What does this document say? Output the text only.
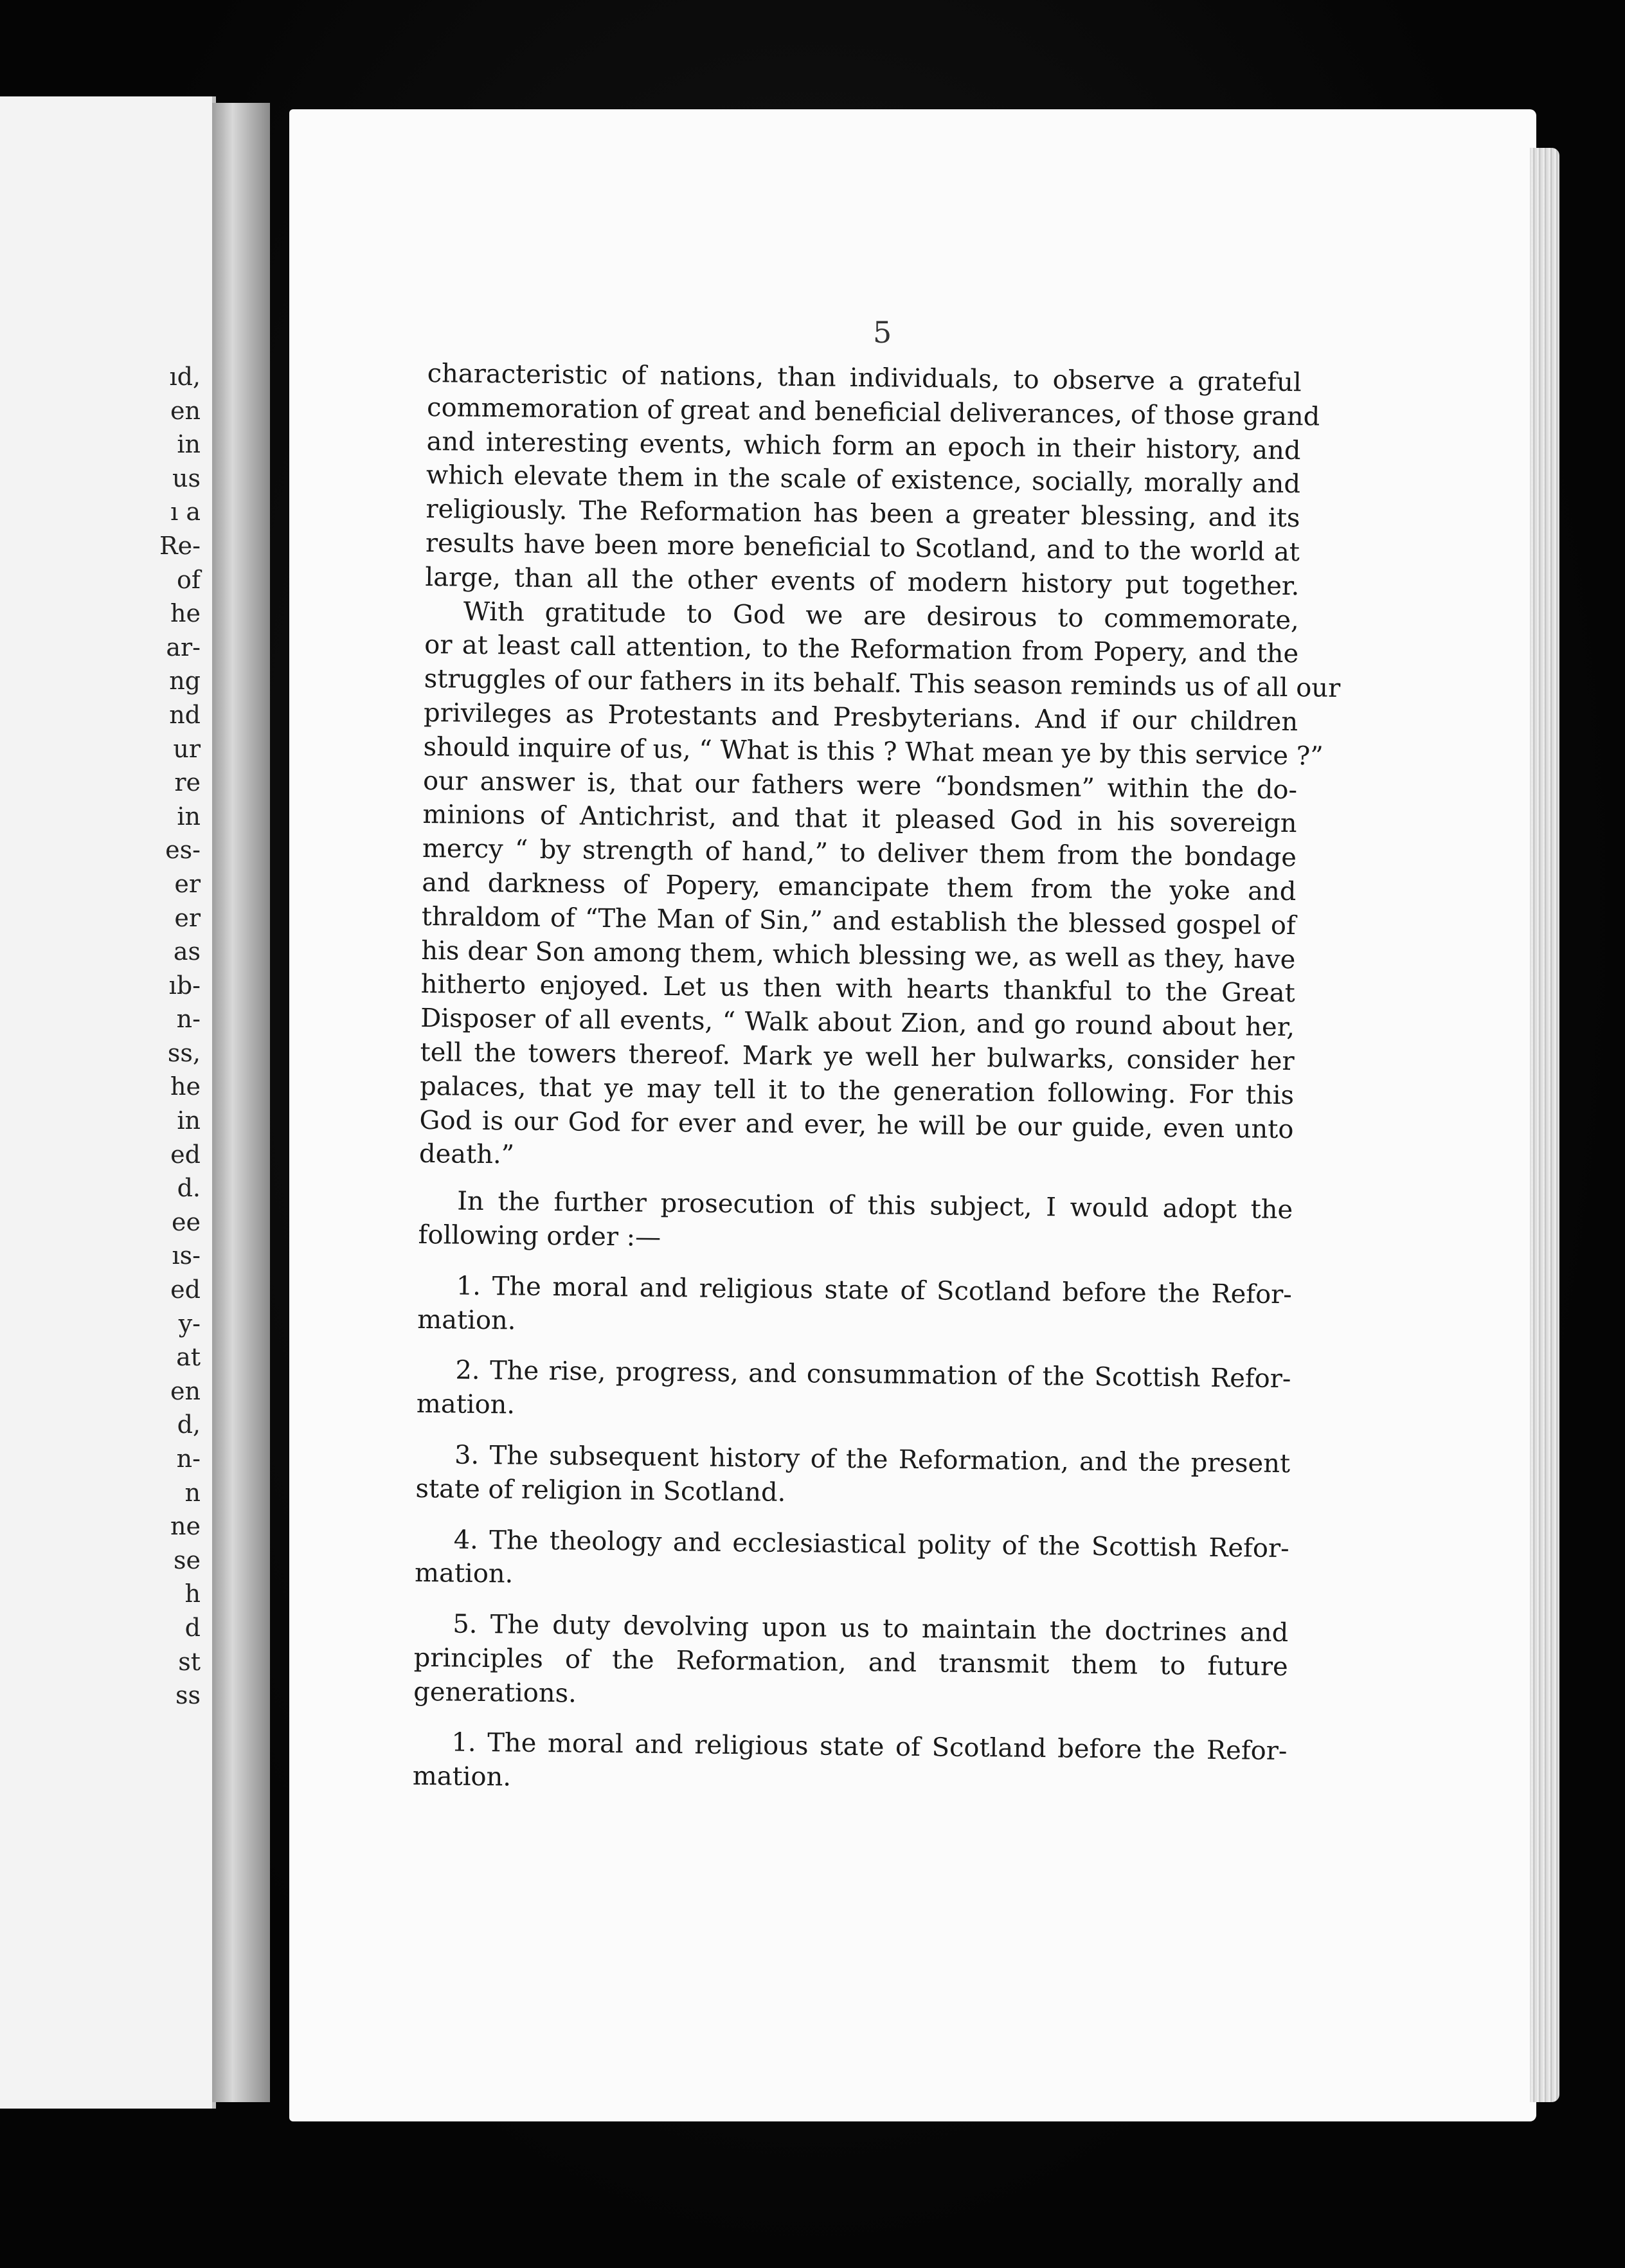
ıd,
en
in
us
ı a
Re-
of
he
ar-
ng
nd
ur
re
in
es-
er
er
as
ıb-
n-
ss,
he
in
ed
d.
ee
ıs-
ed
y-
at
en
d,
n-
n
ne
se
h
d
st
ss
5
characteristic of nations, than individuals, to observe a grateful
commemoration of great and beneficial deliverances, of those grand
and interesting events, which form an epoch in their history, and
which elevate them in the scale of existence, socially, morally and
religiously. The Reformation has been a greater blessing, and its
results have been more beneficial to Scotland, and to the world at
large, than all the other events of modern history put together.
With gratitude to God we are desirous to commemorate,
or at least call attention, to the Reformation from Popery, and the
struggles of our fathers in its behalf. This season reminds us of all our
privileges as Protestants and Presbyterians. And if our children
should inquire of us, “ What is this ? What mean ye by this service ?”
our answer is, that our fathers were “bondsmen” within the do-
minions of Antichrist, and that it pleased God in his sovereign
mercy “ by strength of hand,” to deliver them from the bondage
and darkness of Popery, emancipate them from the yoke and
thraldom of “The Man of Sin,” and establish the blessed gospel of
his dear Son among them, which blessing we, as well as they, have
hitherto enjoyed. Let us then with hearts thankful to the Great
Disposer of all events, “ Walk about Zion, and go round about her,
tell the towers thereof. Mark ye well her bulwarks, consider her
palaces, that ye may tell it to the generation following. For this
God is our God for ever and ever, he will be our guide, even unto
death.”
In the further prosecution of this subject, I would adopt the
following order :—
1. The moral and religious state of Scotland before the Refor-
mation.
2. The rise, progress, and consummation of the Scottish Refor-
mation.
3. The subsequent history of the Reformation, and the present
state of religion in Scotland.
4. The theology and ecclesiastical polity of the Scottish Refor-
mation.
5. The duty devolving upon us to maintain the doctrines and
principles of the Reformation, and transmit them to future
generations.
1. The moral and religious state of Scotland before the Refor-
mation.
